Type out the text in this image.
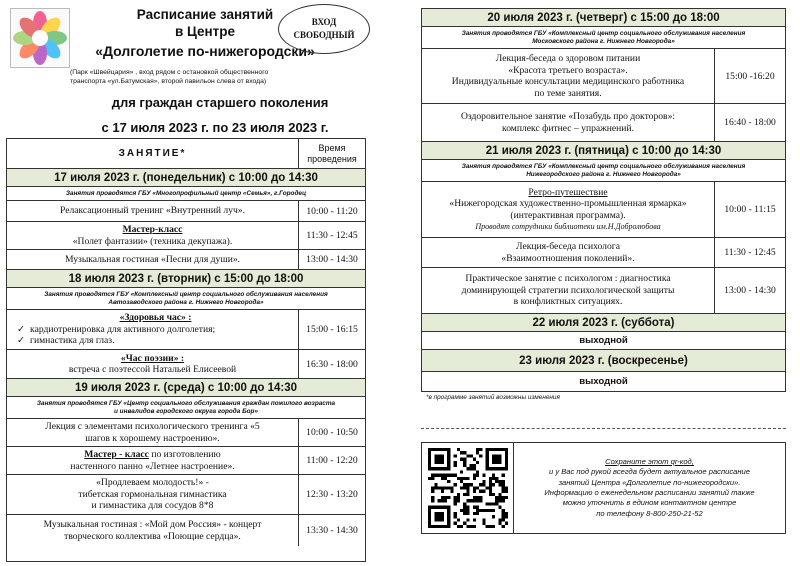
Расписание занятий
в Центре
«Долголетие по-нижегородски»
ВХОД
СВОБОДНЫЙ
(Парк «Швейцария» , вход рядом с остановкой общественного
транспорта «ул.Батумская», второй павильон слева от входа)
для граждан старшего поколения
с 17 июля 2023 г. по 23 июля 2023 г.
ЗАНЯТИЕ*
Время
проведения
17 июля 2023 г. (понедельник) с 10:00 до 14:30
Занятия проводятся ГБУ «Многопрофильный центр «Семья», г.Городец
Релаксационный тренинг «Внутренний луч».	10:00 - 11:20
Мастер-класс
«Полет фантазии» (техника декупажа).	11:30 - 12:45
Музыкальная гостиная «Песни для души».	13:00 - 14:30
18 июля 2023 г. (вторник) с 15:00 до 18:00
Занятия проводятся ГБУ «Комплексный центр социального обслуживания населения
Автозаводского района г. Нижнего Новгорода»
«Здоровья час» :
✓ кардиотренировка для активного долголетия;
✓ гимнастика для глаз.
15:00 - 16:15
«Час поэзии» :
встреча с поэтессой Натальей Елисеевой	16:30 - 18:00
19 июля 2023 г. (среда) с 10:00 до 14:30
Занятия проводятся ГБУ «Центр социального обслуживания граждан пожилого возраста
и инвалидов городского округа города Бор»
Лекция с элементами психологического тренинга «5
шагов к хорошему настроению».	10:00 - 10:50
Мастер - класс по изготовлению
настенного панно «Летнее настроение».	11:00 - 12:20
«Продлеваем молодость!» -
тибетская гормональная гимнастика
и гимнастика для сосудов 8*8
12:30 - 13:20
Музыкальная гостиная : «Мой дом Россия» - концерт
творческого коллектива «Поющие сердца».	13:30 - 14:30
20 июля 2023 г. (четверг) с 15:00 до 18:00
Занятия проводятся ГБУ «Комплексный центр социального обслуживания населения
Московского района г. Нижнего Новгорода»
Лекция-беседа о здоровом питании
«Красота третьего возраста».
Индивидуальные консультации медицинского работника
по теме занятия.
15:00 -16:20
Оздоровительное занятие «Позабудь про докторов»:
комплекс фитнес – упражнений.	16:40 - 18:00
21 июля 2023 г. (пятница) с 10:00 до 14:30
Занятия проводятся ГБУ «Комплексный центр социального обслуживания населения
Нижегородского района г. Нижнего Новгорода»
Ретро-путешествие
«Нижегородская художественно-промышленная ярмарка»
(интерактивная программа).
Проводят сотрудники библиотеки им.Н.Добролюбова
10:00 - 11:15
Лекция-беседа психолога
«Взаимоотношения поколений».	11:30 - 12:45
Практическое занятие с психологом : диагностика
доминирующей стратегии психологической защиты
в конфликтных ситуациях.
13:00 - 14:30
22 июля 2023 г. (суббота)
выходной
23 июля 2023 г. (воскресенье)
выходной
*в программе занятий возможны изменения
Сохраните этот qr-код,
и у Вас под рукой всегда будет актуальное расписание
занятий Центра «Долголетие по-нижегородски».
Информацию о еженедельном расписании занятий также
можно уточнить в едином контактном центре
по телефону 8-800-250-21-52
